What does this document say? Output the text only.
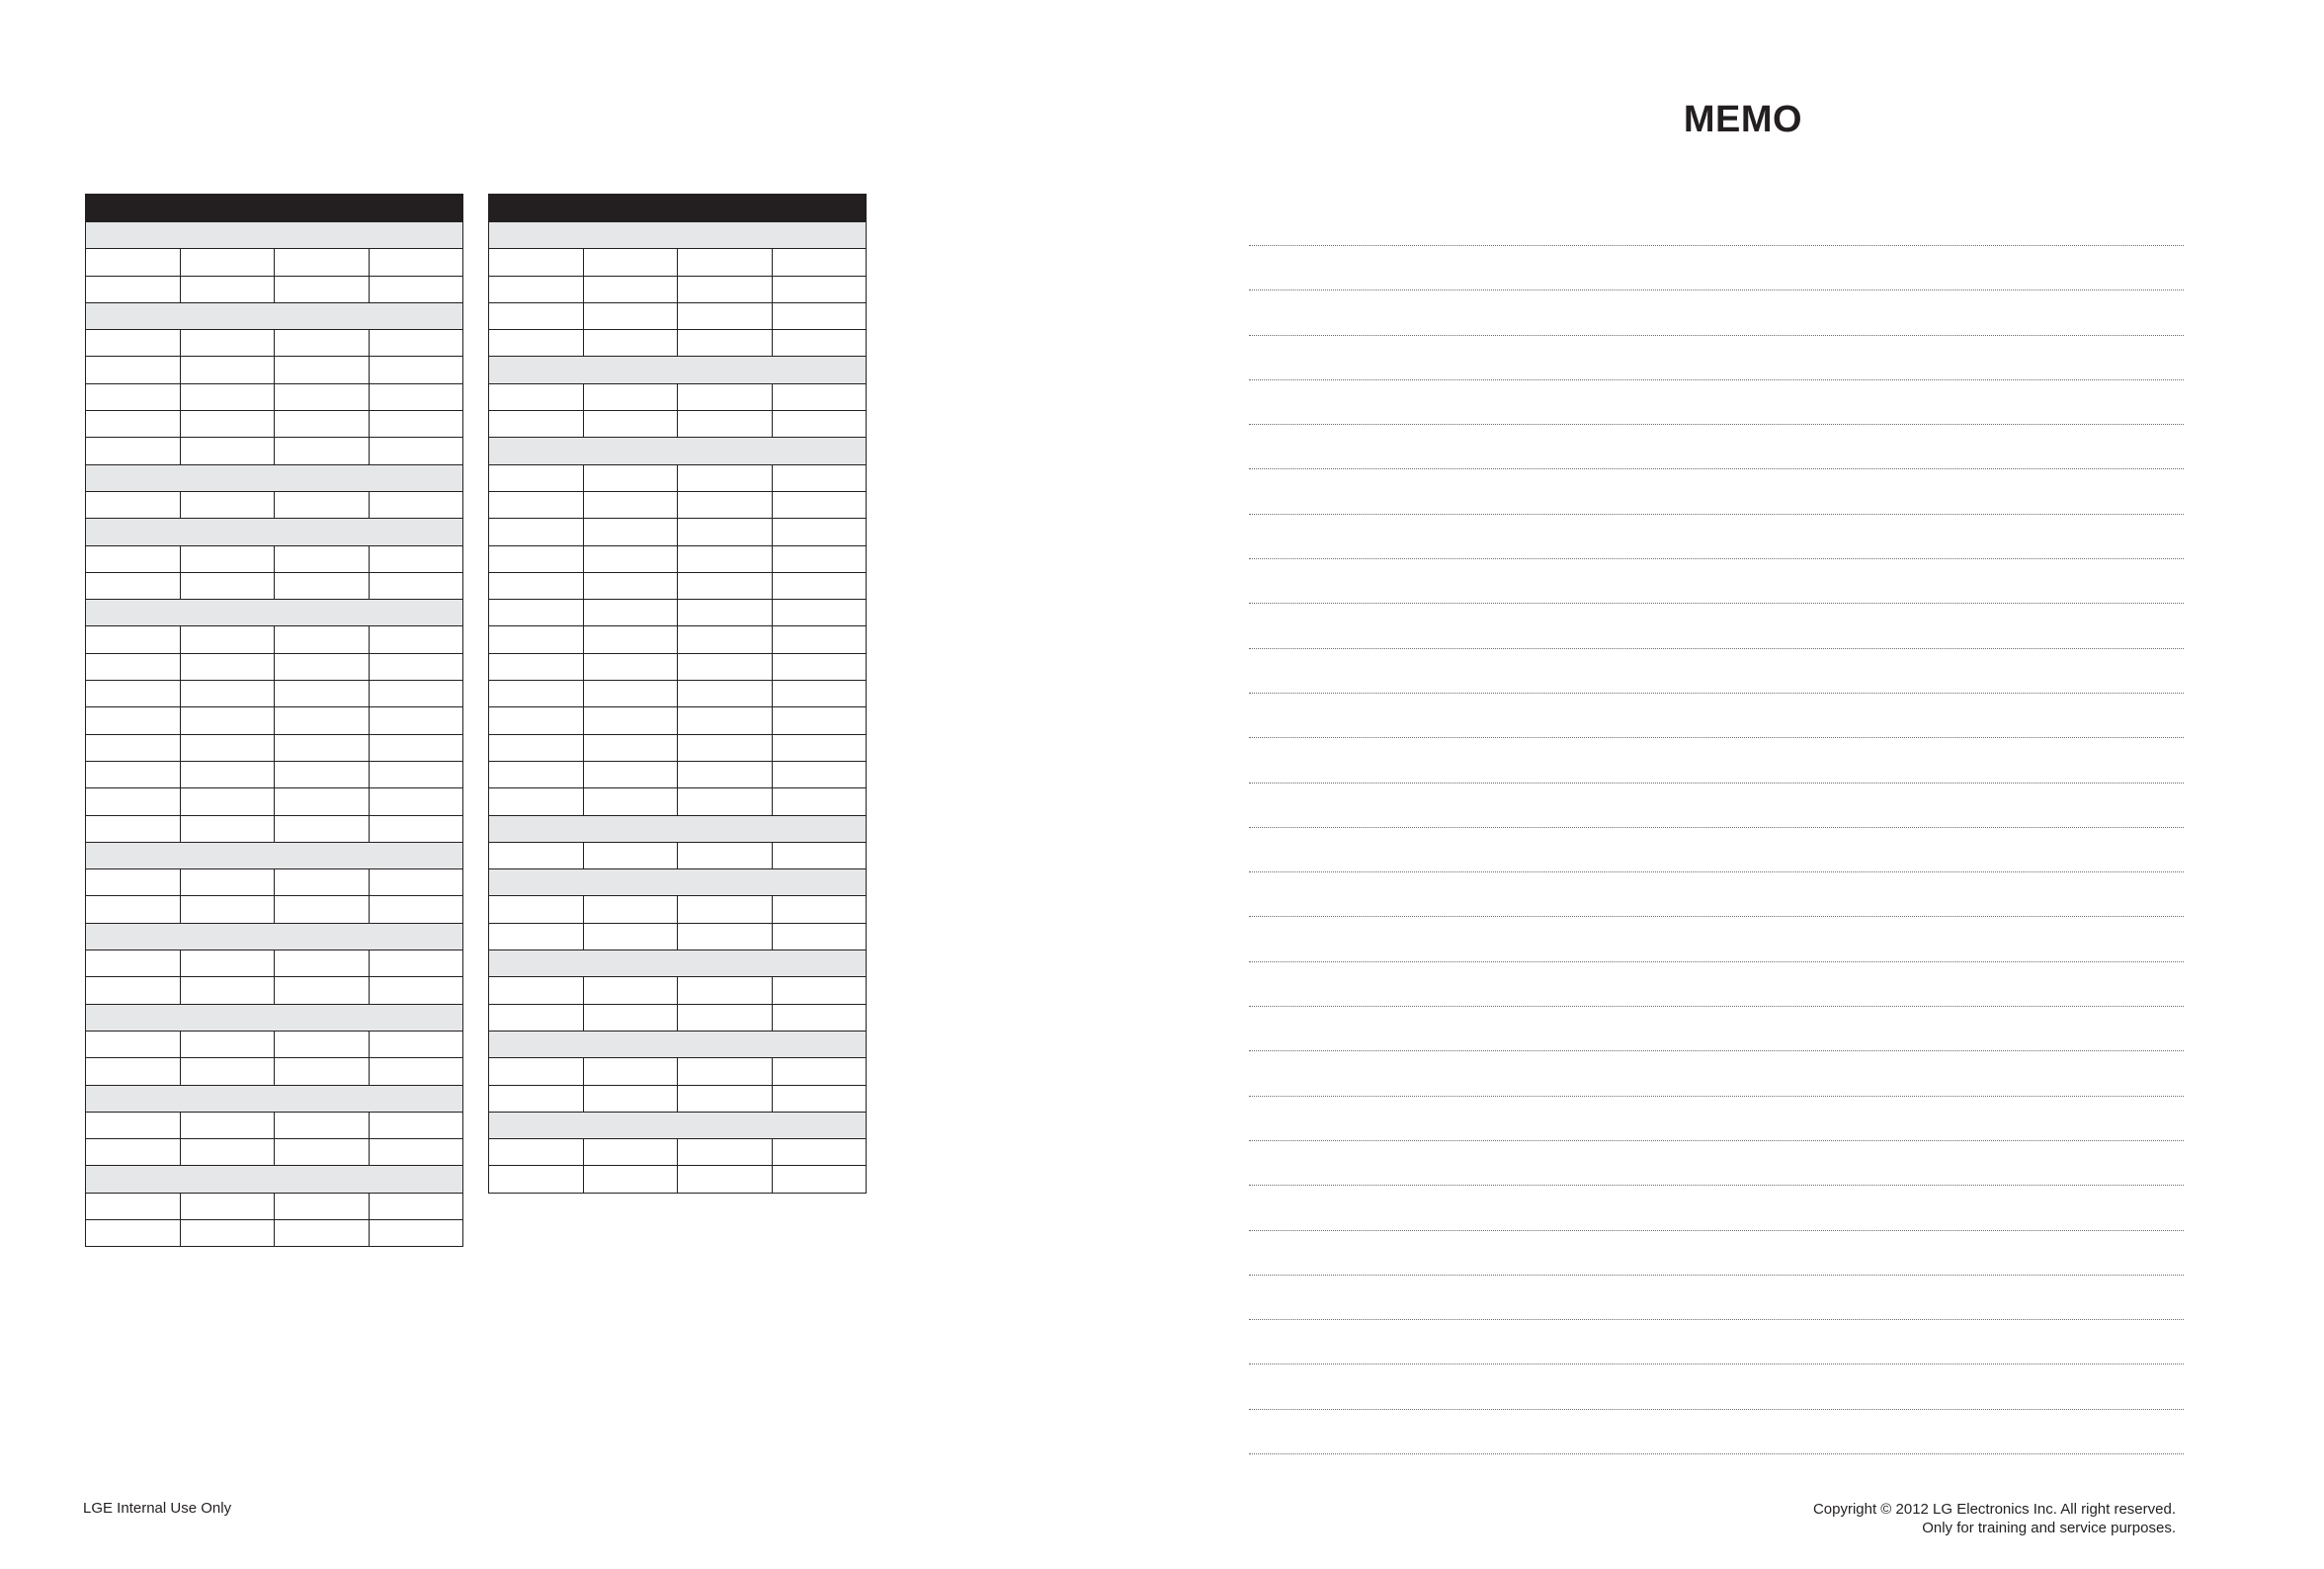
LGE Internal Use Only
MEMO
Copyright © 2012 LG Electronics Inc. All right reserved.
Only for training and service purposes.
